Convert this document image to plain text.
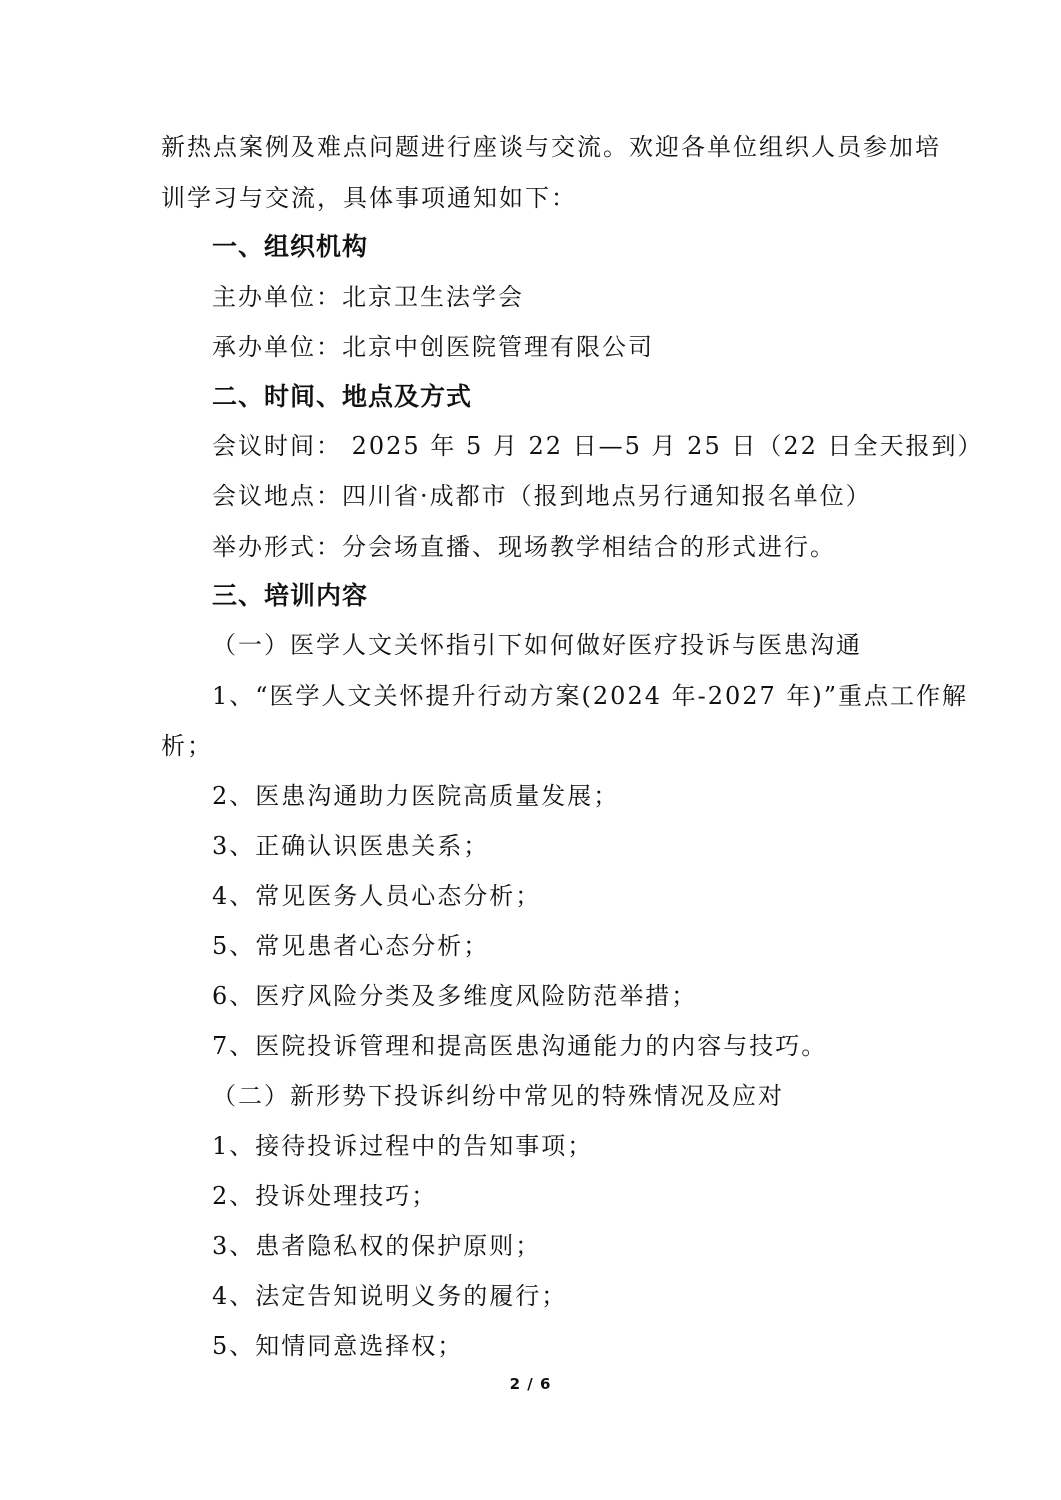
新热点案例及难点问题进行座谈与交流。欢迎各单位组织人员参加培
训学习与交流，具体事项通知如下：
一、组织机构
主办单位：北京卫生法学会
承办单位：北京中创医院管理有限公司
二、时间、地点及方式
会议时间： 2025 年 5 月 22 日—5 月 25 日（22 日全天报到）
会议地点：四川省·成都市（报到地点另行通知报名单位）
举办形式：分会场直播、现场教学相结合的形式进行。
三、培训内容
（一）医学人文关怀指引下如何做好医疗投诉与医患沟通
1、“医学人文关怀提升行动方案(2024 年-2027 年)”重点工作解
析；
2、医患沟通助力医院高质量发展；
3、正确认识医患关系；
4、常见医务人员心态分析；
5、常见患者心态分析；
6、医疗风险分类及多维度风险防范举措；
7、医院投诉管理和提高医患沟通能力的内容与技巧。
（二）新形势下投诉纠纷中常见的特殊情况及应对
1、接待投诉过程中的告知事项；
2、投诉处理技巧；
3、患者隐私权的保护原则；
4、法定告知说明义务的履行；
5、知情同意选择权；
2 / 6
